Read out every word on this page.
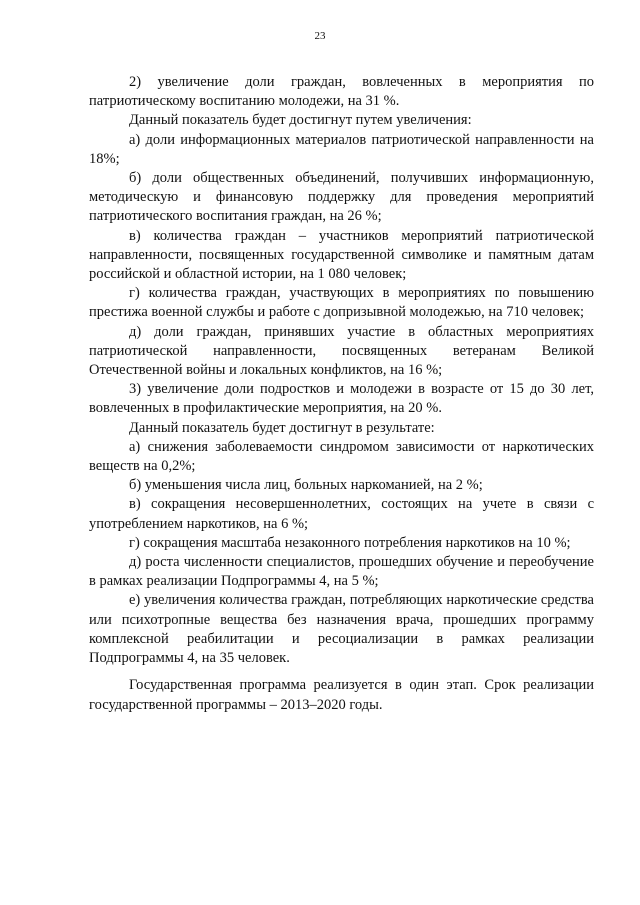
23

2) увеличение доли граждан, вовлеченных в мероприятия по патриотическому воспитанию молодежи, на 31 %.

Данный показатель будет достигнут путем увеличения:

а) доли информационных материалов патриотической направленности на 18%;

б) доли общественных объединений, получивших информационную, методическую и финансовую поддержку для проведения мероприятий патриотического воспитания граждан, на 26 %;

в) количества граждан – участников мероприятий патриотической направленности, посвященных государственной символике и памятным датам российской и областной истории, на 1 080 человек;

г) количества граждан, участвующих в мероприятиях по повышению престижа военной службы и работе с допризывной молодежью, на 710 человек;

д) доли граждан, принявших участие в областных мероприятиях патриотической направленности, посвященных ветеранам Великой Отечественной войны и локальных конфликтов, на 16 %;

3) увеличение доли подростков и молодежи в возрасте от 15 до 30 лет, вовлеченных в профилактические мероприятия, на 20 %.

Данный показатель будет достигнут в результате:

а) снижения заболеваемости синдромом зависимости от наркотических веществ на 0,2%;

б) уменьшения числа лиц, больных наркоманией, на 2 %;

в) сокращения несовершеннолетних, состоящих на учете в связи с употреблением наркотиков, на 6 %;

г) сокращения масштаба незаконного потребления наркотиков на 10 %;

д) роста численности специалистов, прошедших обучение и переобучение в рамках реализации Подпрограммы 4, на 5 %;

е) увеличения количества граждан, потребляющих наркотические средства или психотропные вещества без назначения врача, прошедших программу комплексной реабилитации и ресоциализации в рамках реализации Подпрограммы 4, на 35 человек.

Государственная программа реализуется в один этап. Срок реализации государственной программы – 2013–2020 годы.
